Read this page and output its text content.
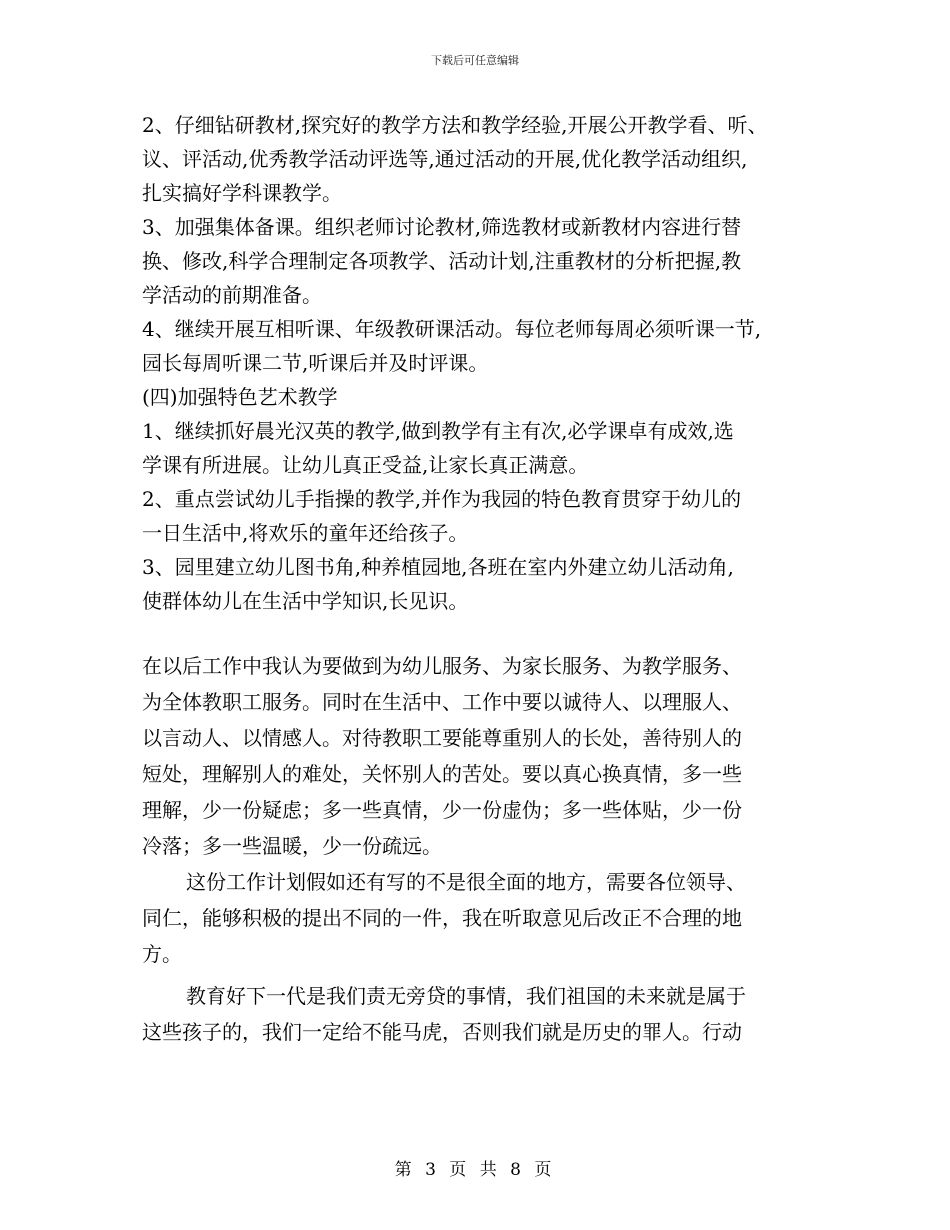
下载后可任意编辑
2、仔细钻研教材,探究好的教学方法和教学经验,开展公开教学看、听、
议、评活动,优秀教学活动评选等,通过活动的开展,优化教学活动组织,
扎实搞好学科课教学。
3、加强集体备课。组织老师讨论教材,筛选教材或新教材内容进行替
换、修改,科学合理制定各项教学、活动计划,注重教材的分析把握,教
学活动的前期准备。
4、继续开展互相听课、年级教研课活动。每位老师每周必须听课一节,
园长每周听课二节,听课后并及时评课。
(四)加强特色艺术教学
1、继续抓好晨光汉英的教学,做到教学有主有次,必学课卓有成效,选
学课有所进展。让幼儿真正受益,让家长真正满意。
2、重点尝试幼儿手指操的教学,并作为我园的特色教育贯穿于幼儿的
一日生活中,将欢乐的童年还给孩子。
3、园里建立幼儿图书角,种养植园地,各班在室内外建立幼儿活动角,
使群体幼儿在生活中学知识,长见识。
在以后工作中我认为要做到为幼儿服务、为家长服务、为教学服务、
为全体教职工服务。同时在生活中、工作中要以诚待人、以理服人、
以言动人、以情感人。对待教职工要能尊重别人的长处，善待别人的
短处，理解别人的难处，关怀别人的苦处。要以真心换真情，多一些
理解，少一份疑虑；多一些真情，少一份虚伪；多一些体贴，少一份
冷落；多一些温暖，少一份疏远。
这份工作计划假如还有写的不是很全面的地方，需要各位领导、
同仁，能够积极的提出不同的一件，我在听取意见后改正不合理的地
方。
教育好下一代是我们责无旁贷的事情，我们祖国的未来就是属于
这些孩子的，我们一定给不能马虎，否则我们就是历史的罪人。行动
第 3 页 共 8 页
